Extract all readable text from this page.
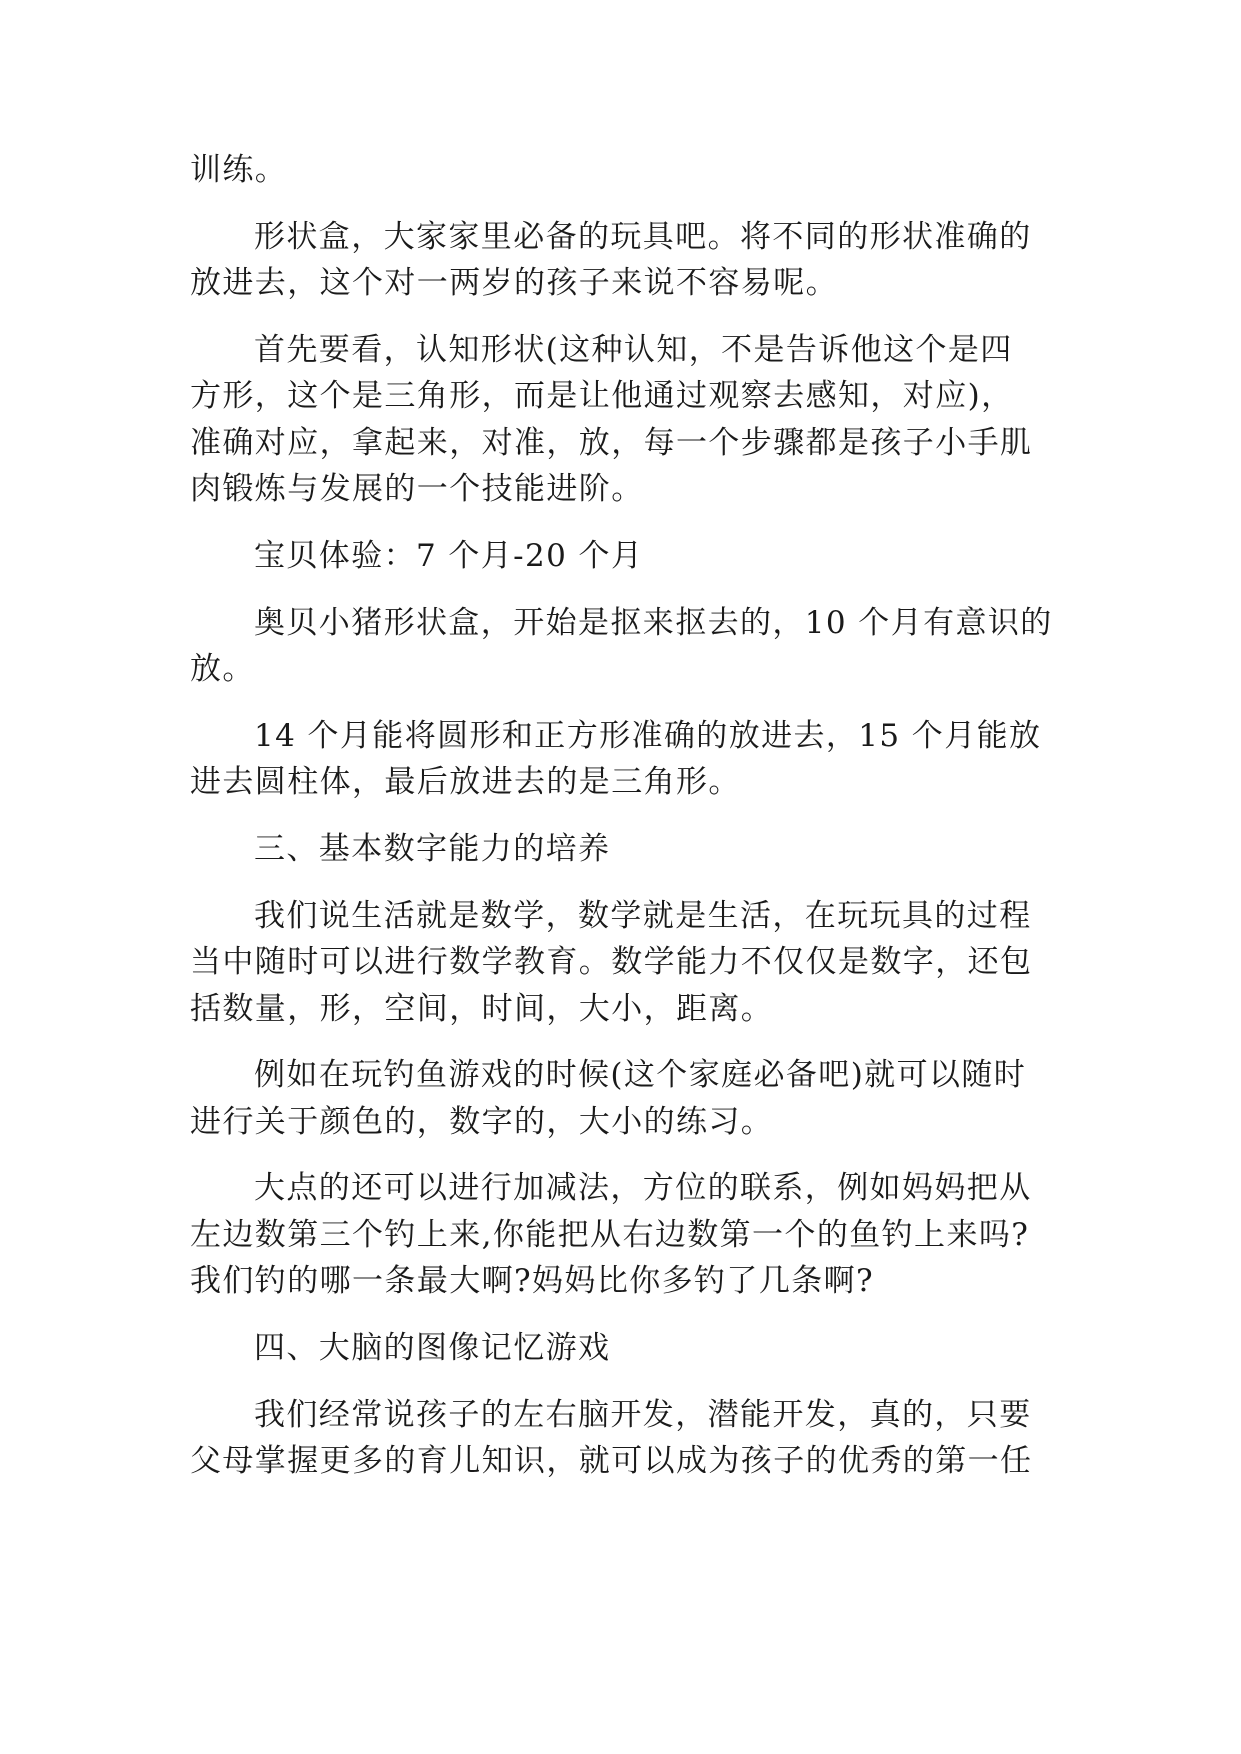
训练。
形状盒，大家家里必备的玩具吧。将不同的形状准确的
放进去，这个对一两岁的孩子来说不容易呢。
首先要看，认知形状(这种认知，不是告诉他这个是四
方形，这个是三角形，而是让他通过观察去感知，对应)，
准确对应，拿起来，对准，放，每一个步骤都是孩子小手肌
肉锻炼与发展的一个技能进阶。
宝贝体验：7 个月-20 个月
奥贝小猪形状盒，开始是抠来抠去的，10 个月有意识的
放。
14 个月能将圆形和正方形准确的放进去，15 个月能放
进去圆柱体，最后放进去的是三角形。
三、基本数字能力的培养
我们说生活就是数学，数学就是生活，在玩玩具的过程
当中随时可以进行数学教育。数学能力不仅仅是数字，还包
括数量，形，空间，时间，大小，距离。
例如在玩钓鱼游戏的时候(这个家庭必备吧)就可以随时
进行关于颜色的，数字的，大小的练习。
大点的还可以进行加减法，方位的联系，例如妈妈把从
左边数第三个钓上来,你能把从右边数第一个的鱼钓上来吗?
我们钓的哪一条最大啊?妈妈比你多钓了几条啊?
四、大脑的图像记忆游戏
我们经常说孩子的左右脑开发，潜能开发，真的，只要
父母掌握更多的育儿知识，就可以成为孩子的优秀的第一任
